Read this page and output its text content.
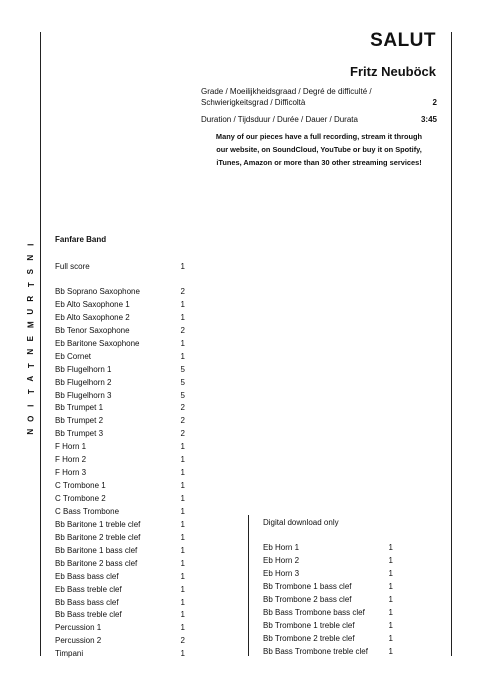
SALUT
Fritz Neuböck
Grade / Moeilijkheidsgraad / Degré de difficulté /
Schwierigkeitsgrad / Difficoltà	2
Duration / Tijdsduur / Durée / Dauer / Durata	3:45
Many of our pieces have a full recording, stream it through
our website, on SoundCloud, YouTube or buy it on Spotify,
iTunes, Amazon or more than 30 other streaming services!
I
N
S
T
R
U
M
E
N
T
A
T
I
O
N
Fanfare Band
Full score	1
Bb Soprano Saxophone	2
Eb Alto Saxophone 1	1
Eb Alto Saxophone 2	1
Bb Tenor Saxophone	2
Eb Baritone Saxophone	1
Eb Cornet	1
Bb Flugelhorn 1	5
Bb Flugelhorn 2	5
Bb Flugelhorn 3	5
Bb Trumpet 1	2
Bb Trumpet 2	2
Bb Trumpet 3	2
F Horn 1	1
F Horn 2	1
F Horn 3	1
C Trombone 1	1
C Trombone 2	1
C Bass Trombone	1
Bb Baritone 1 treble clef	1
Bb Baritone 2 treble clef	1
Bb Baritone 1 bass clef	1
Bb Baritone 2 bass clef	1
Eb Bass bass clef	1
Eb Bass treble clef	1
Bb Bass bass clef	1
Bb Bass treble clef	1
Percussion 1	1
Percussion 2	2
Timpani	1
Digital download only
Eb Horn 1	1
Eb Horn 2	1
Eb Horn 3	1
Bb Trombone 1 bass clef	1
Bb Trombone 2 bass clef	1
Bb Bass Trombone bass clef	1
Bb Trombone 1 treble clef	1
Bb Trombone 2 treble clef	1
Bb Bass Trombone treble clef	1
